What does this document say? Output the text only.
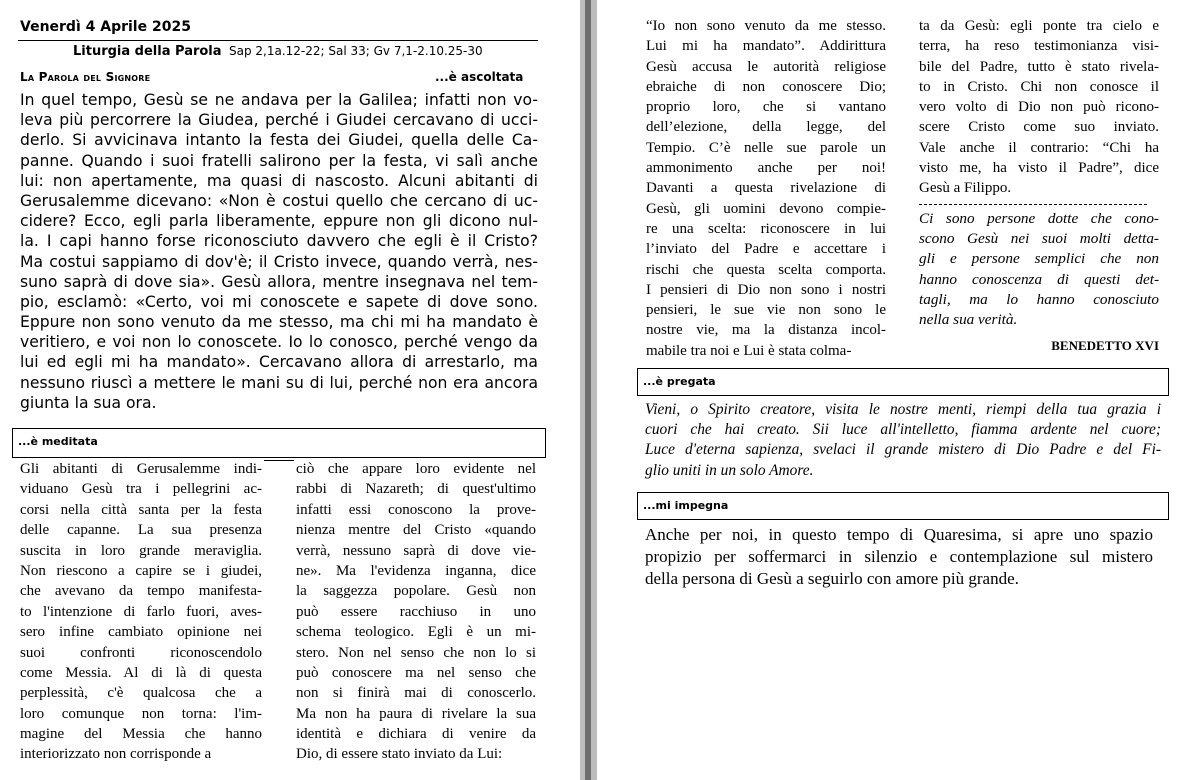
Venerdì 4 Aprile 2025
Liturgia della Parola Sap 2,1a.12-22; Sal 33; Gv 7,1-2.10.25-30
La Parola del Signore	...è ascoltata
In quel tempo, Gesù se ne andava per la Galilea; infatti non vo-
leva più percorrere la Giudea, perché i Giudei cercavano di ucci-
derlo. Si avvicinava intanto la festa dei Giudei, quella delle Ca-
panne. Quando i suoi fratelli salirono per la festa, vi salì anche
lui: non apertamente, ma quasi di nascosto. Alcuni abitanti di
Gerusalemme dicevano: «Non è costui quello che cercano di uc-
cidere? Ecco, egli parla liberamente, eppure non gli dicono nul-
la. I capi hanno forse riconosciuto davvero che egli è il Cristo?
Ma costui sappiamo di dov'è; il Cristo invece, quando verrà, nes-
suno saprà di dove sia». Gesù allora, mentre insegnava nel tem-
pio, esclamò: «Certo, voi mi conoscete e sapete di dove sono.
Eppure non sono venuto da me stesso, ma chi mi ha mandato è
veritiero, e voi non lo conoscete. Io lo conosco, perché vengo da
lui ed egli mi ha mandato». Cercavano allora di arrestarlo, ma
nessuno riuscì a mettere le mani su di lui, perché non era ancora
giunta la sua ora.
...è meditata
Gli abitanti di Gerusalemme indi-
viduano Gesù tra i pellegrini ac-
corsi nella città santa per la festa
delle capanne. La sua presenza
suscita in loro grande meraviglia.
Non riescono a capire se i giudei,
che avevano da tempo manifesta-
to l'intenzione di farlo fuori, aves-
sero infine cambiato opinione nei
suoi confronti riconoscendolo
come Messia. Al di là di questa
perplessità, c'è qualcosa che a
loro comunque non torna: l'im-
magine del Messia che hanno
interiorizzato non corrisponde a
ciò che appare loro evidente nel
rabbi di Nazareth; di quest'ultimo
infatti essi conoscono la prove-
nienza mentre del Cristo «quando
verrà, nessuno saprà di dove vie-
ne». Ma l'evidenza inganna, dice
la saggezza popolare. Gesù non
può essere racchiuso in uno
schema teologico. Egli è un mi-
stero. Non nel senso che non lo si
può conoscere ma nel senso che
non si finirà mai di conoscerlo.
Ma non ha paura di rivelare la sua
identità e dichiara di venire da
Dio, di essere stato inviato da Lui:
“Io non sono venuto da me stesso.
Lui mi ha mandato”. Addirittura
Gesù accusa le autorità religiose
ebraiche di non conoscere Dio;
proprio loro, che si vantano
dell’elezione, della legge, del
Tempio. C’è nelle sue parole un
ammonimento anche per noi!
Davanti a questa rivelazione di
Gesù, gli uomini devono compie-
re una scelta: riconoscere in lui
l’inviato del Padre e accettare i
rischi che questa scelta comporta.
I pensieri di Dio non sono i nostri
pensieri, le sue vie non sono le
nostre vie, ma la distanza incol-
mabile tra noi e Lui è stata colma-
ta da Gesù: egli ponte tra cielo e
terra, ha reso testimonianza visi-
bile del Padre, tutto è stato rivela-
to in Cristo. Chi non conosce il
vero volto di Dio non può ricono-
scere Cristo come suo inviato.
Vale anche il contrario: “Chi ha
visto me, ha visto il Padre”, dice
Gesù a Filippo.
Ci sono persone dotte che cono-
scono Gesù nei suoi molti detta-
gli e persone semplici che non
hanno conoscenza di questi det-
tagli, ma lo hanno conosciuto
nella sua verità.
BENEDETTO XVI
...è pregata
Vieni, o Spirito creatore, visita le nostre menti, riempi della tua grazia i
cuori che hai creato. Sii luce all'intelletto, fiamma ardente nel cuore;
Luce d'eterna sapienza, svelaci il grande mistero di Dio Padre e del Fi-
glio uniti in un solo Amore.
...mi impegna
Anche per noi, in questo tempo di Quaresima, si apre uno spazio
propizio per soffermarci in silenzio e contemplazione sul mistero
della persona di Gesù a seguirlo con amore più grande.
